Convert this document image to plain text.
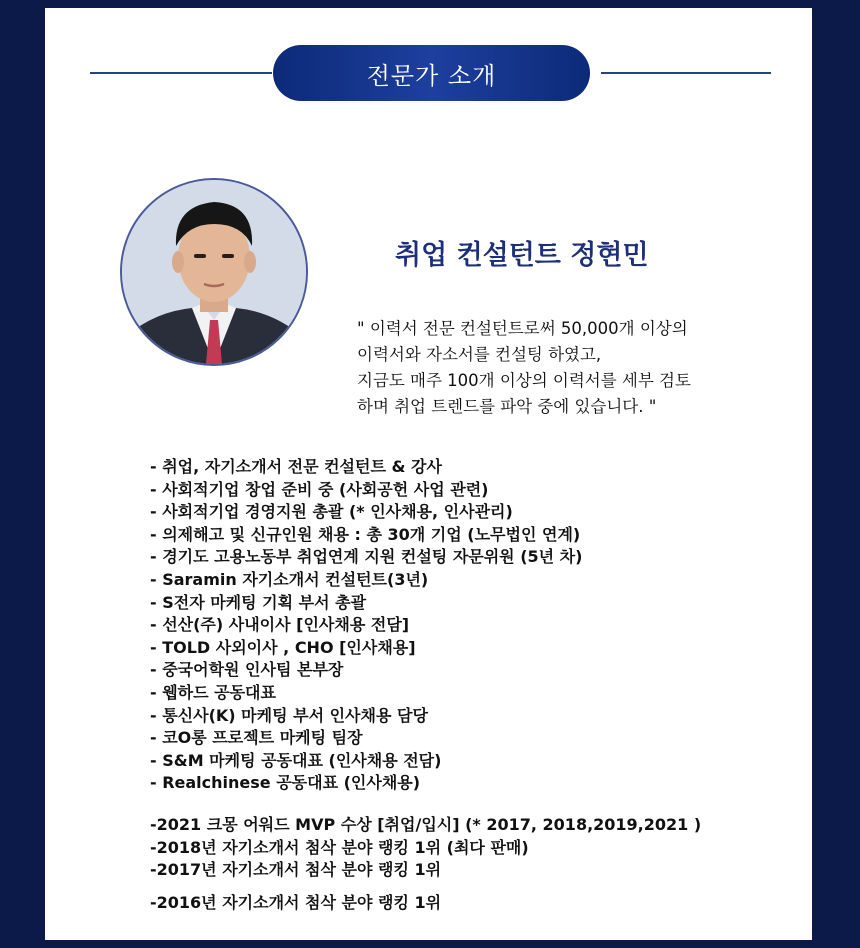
전문가 소개
취업 컨설턴트 정현민
" 이력서 전문 컨설턴트로써 50,000개 이상의
이력서와 자소서를 컨설팅 하였고,
지금도 매주 100개 이상의 이력서를 세부 검토
하며 취업 트렌드를 파악 중에 있습니다. "
- 취업, 자기소개서 전문 컨설턴트 & 강사
- 사회적기업 창업 준비 중 (사회공헌 사업 관련)
- 사회적기업 경영지원 총괄 (* 인사채용, 인사관리)
- 의제해고 및 신규인원 채용 : 총 30개 기업 (노무법인 연계)
- 경기도 고용노동부 취업연계 지원 컨설팅 자문위원 (5년 차)
- Saramin 자기소개서 컨설턴트(3년)
- S전자 마케팅 기획 부서 총괄
- 선산(주) 사내이사 [인사채용 전담]
- TOLD 사외이사 , CHO [인사채용]
- 중국어학원 인사팀 본부장
- 웹하드 공동대표
- 통신사(K) 마케팅 부서 인사채용 담당
- 코O롱 프로젝트 마케팅 팀장
- S&M 마케팅 공동대표 (인사채용 전담)
- Realchinese 공동대표 (인사채용)
-2021 크몽 어워드 MVP 수상 [취업/입시] (* 2017, 2018,2019,2021 )
-2018년 자기소개서 첨삭 분야 랭킹 1위 (최다 판매)
-2017년 자기소개서 첨삭 분야 랭킹 1위
-2016년 자기소개서 첨삭 분야 랭킹 1위
